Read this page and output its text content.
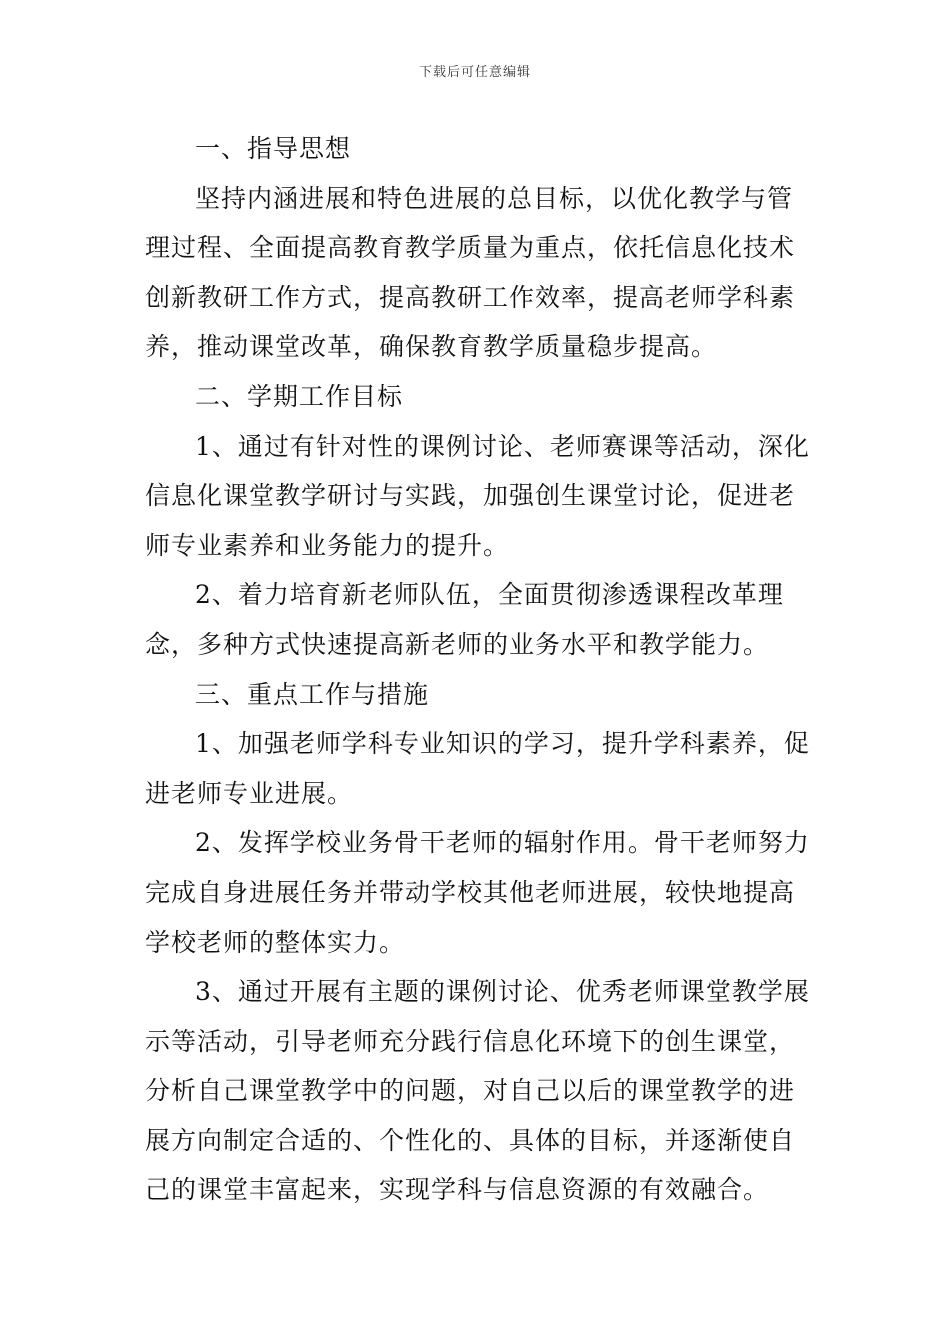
下载后可任意编辑

一、指导思想

坚持内涵进展和特色进展的总目标，以优化教学与管理过程、全面提高教育教学质量为重点，依托信息化技术创新教研工作方式，提高教研工作效率，提高老师学科素养，推动课堂改革，确保教育教学质量稳步提高。

二、学期工作目标

1、通过有针对性的课例讨论、老师赛课等活动，深化信息化课堂教学研讨与实践，加强创生课堂讨论，促进老师专业素养和业务能力的提升。

2、着力培育新老师队伍，全面贯彻渗透课程改革理念，多种方式快速提高新老师的业务水平和教学能力。

三、重点工作与措施

1、加强老师学科专业知识的学习，提升学科素养，促进老师专业进展。

2、发挥学校业务骨干老师的辐射作用。骨干老师努力完成自身进展任务并带动学校其他老师进展，较快地提高学校老师的整体实力。

3、通过开展有主题的课例讨论、优秀老师课堂教学展示等活动，引导老师充分践行信息化环境下的创生课堂，分析自己课堂教学中的问题，对自己以后的课堂教学的进展方向制定合适的、个性化的、具体的目标，并逐渐使自己的课堂丰富起来，实现学科与信息资源的有效融合。
